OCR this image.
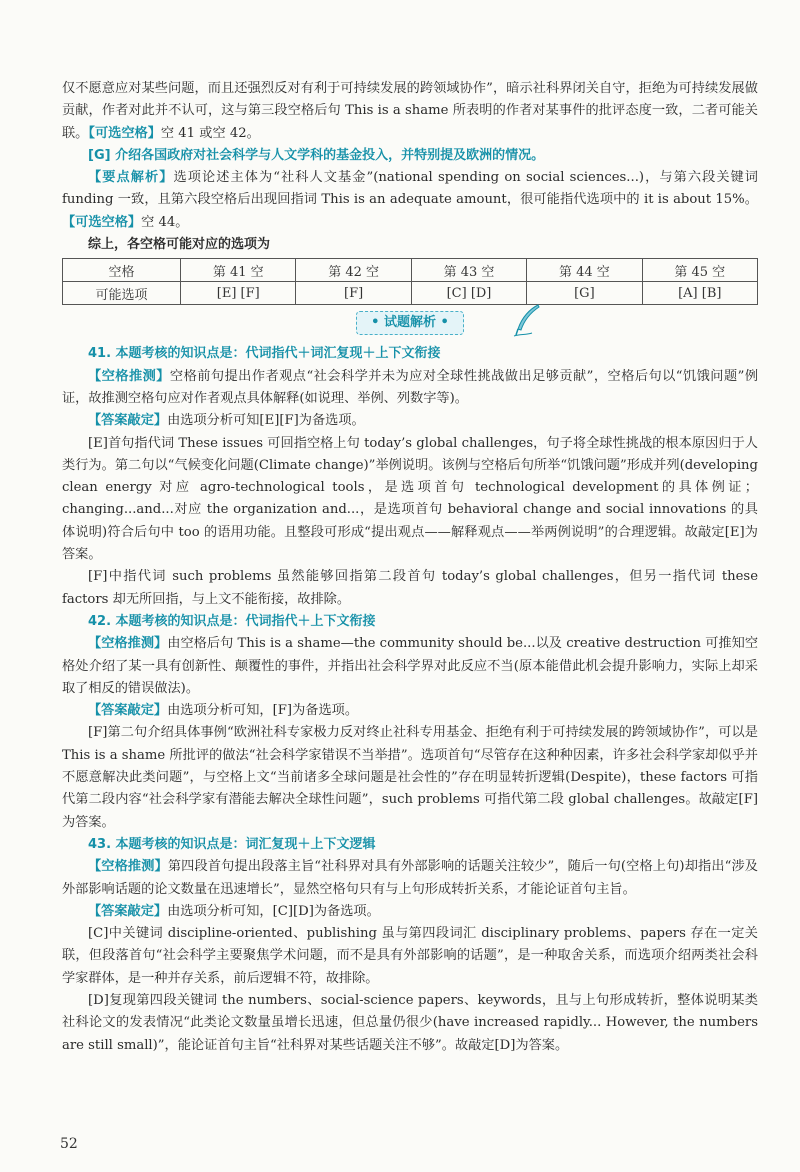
仅不愿意应对某些问题，而且还强烈反对有利于可持续发展的跨领域协作”，暗示社科界闭关自守，拒绝为可持续发展做贡献，作者对此并不认可，这与第三段空格后句 This is a shame 所表明的作者对某事件的批评态度一致，二者可能关联。【可选空格】空 41 或空 42。

[G] 介绍各国政府对社会科学与人文学科的基金投入，并特别提及欧洲的情况。

【要点解析】选项论述主体为“社科人文基金”(national spending on social sciences...)，与第六段关键词 funding 一致，且第六段空格后出现回指词 This is an adequate amount，很可能指代选项中的 it is about 15%。【可选空格】空 44。

综上，各空格可能对应的选项为

空格	第 41 空	第 42 空	第 43 空	第 44 空	第 45 空
可能选项	[E] [F]	[F]	[C] [D]	[G]	[A] [B]
• 试题解析 •

41. 本题考核的知识点是：代词指代＋词汇复现＋上下文衔接

【空格推测】空格前句提出作者观点“社会科学并未为应对全球性挑战做出足够贡献”，空格后句以“饥饿问题”例证，故推测空格句应对作者观点具体解释(如说理、举例、列数字等)。

【答案敲定】由选项分析可知[E][F]为备选项。

[E]首句指代词 These issues 可回指空格上句 today’s global challenges，句子将全球性挑战的根本原因归于人类行为。第二句以“气候变化问题(Climate change)”举例说明。该例与空格后句所举“饥饿问题”形成并列(developing clean energy 对应 agro-technological tools，是选项首句 technological development的具体例证；changing...and...对应 the organization and...，是选项首句 behavioral change and social innovations 的具体说明)符合后句中 too 的语用功能。且整段可形成“提出观点——解释观点——举两例说明”的合理逻辑。故敲定[E]为答案。

[F]中指代词 such problems 虽然能够回指第二段首句 today’s global challenges，但另一指代词 these factors 却无所回指，与上文不能衔接，故排除。

42. 本题考核的知识点是：代词指代＋上下文衔接

【空格推测】由空格后句 This is a shame—the community should be...以及 creative destruction 可推知空格处介绍了某一具有创新性、颠覆性的事件，并指出社会科学界对此反应不当(原本能借此机会提升影响力，实际上却采取了相反的错误做法)。

【答案敲定】由选项分析可知，[F]为备选项。

[F]第二句介绍具体事例“欧洲社科专家极力反对终止社科专用基金、拒绝有利于可持续发展的跨领域协作”，可以是 This is a shame 所批评的做法“社会科学家错误不当举措”。选项首句“尽管存在这种种因素，许多社会科学家却似乎并不愿意解决此类问题”，与空格上文“当前诸多全球问题是社会性的”存在明显转折逻辑(Despite)，these factors 可指代第二段内容“社会科学家有潜能去解决全球性问题”，such problems 可指代第二段 global challenges。故敲定[F]为答案。

43. 本题考核的知识点是：词汇复现＋上下文逻辑

【空格推测】第四段首句提出段落主旨“社科界对具有外部影响的话题关注较少”，随后一句(空格上句)却指出“涉及外部影响话题的论文数量在迅速增长”，显然空格句只有与上句形成转折关系，才能论证首句主旨。

【答案敲定】由选项分析可知，[C][D]为备选项。

[C]中关键词 discipline-oriented、publishing 虽与第四段词汇 disciplinary problems、papers 存在一定关联，但段落首句“社会科学主要聚焦学术问题，而不是具有外部影响的话题”，是一种取舍关系，而选项介绍两类社会科学家群体，是一种并存关系，前后逻辑不符，故排除。

[D]复现第四段关键词 the numbers、social-science papers、keywords，且与上句形成转折，整体说明某类社科论文的发表情况“此类论文数量虽增长迅速，但总量仍很少(have increased rapidly... However, the numbers are still small)”，能论证首句主旨“社科界对某些话题关注不够”。故敲定[D]为答案。

52
